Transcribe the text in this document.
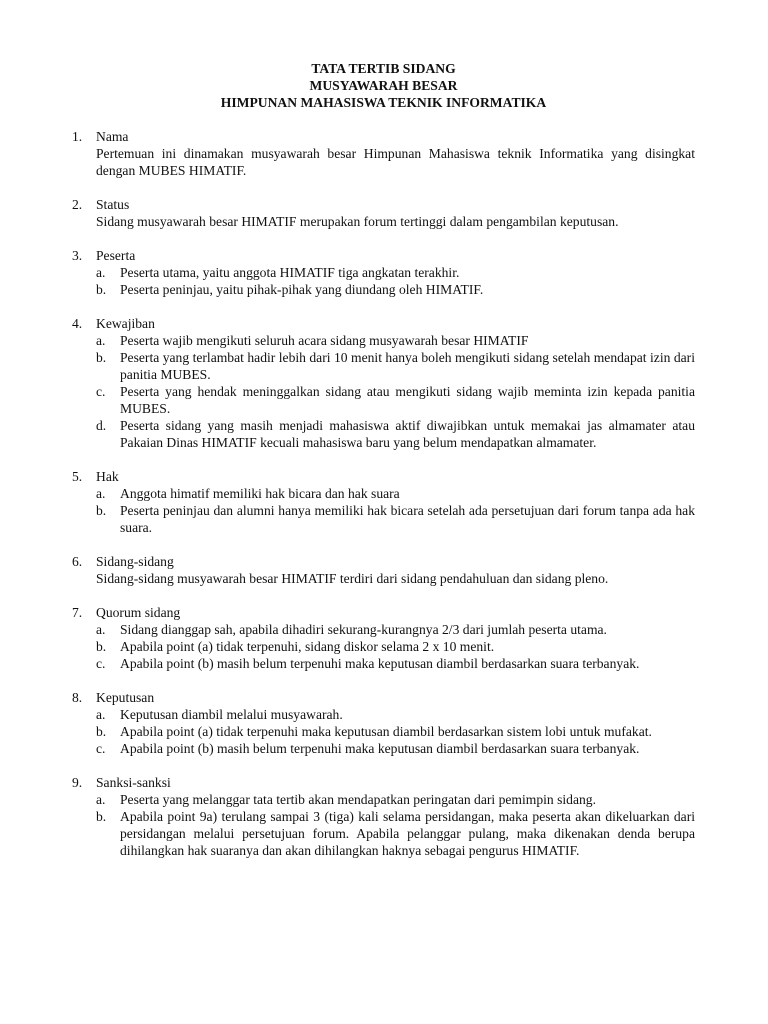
TATA TERTIB SIDANG
MUSYAWARAH BESAR
HIMPUNAN MAHASISWA TEKNIK INFORMATIKA
1. Nama
Pertemuan ini dinamakan musyawarah besar Himpunan Mahasiswa teknik Informatika yang disingkat dengan MUBES HIMATIF.
2. Status
Sidang musyawarah besar HIMATIF merupakan forum tertinggi dalam pengambilan keputusan.
3. Peserta
a. Peserta utama, yaitu anggota HIMATIF tiga angkatan terakhir.
b. Peserta peninjau, yaitu pihak-pihak yang diundang oleh HIMATIF.
4. Kewajiban
a. Peserta wajib mengikuti seluruh acara sidang musyawarah besar HIMATIF
b. Peserta yang terlambat hadir lebih dari 10 menit hanya boleh mengikuti sidang setelah mendapat izin dari panitia MUBES.
c. Peserta yang hendak meninggalkan sidang atau mengikuti sidang wajib meminta izin kepada panitia MUBES.
d. Peserta sidang yang masih menjadi mahasiswa aktif diwajibkan untuk memakai jas almamater atau Pakaian Dinas HIMATIF kecuali mahasiswa baru yang belum mendapatkan almamater.
5. Hak
a. Anggota himatif memiliki hak bicara dan hak suara
b. Peserta peninjau dan alumni hanya memiliki hak bicara setelah ada persetujuan dari forum tanpa ada hak suara.
6. Sidang-sidang
Sidang-sidang musyawarah besar HIMATIF terdiri dari sidang pendahuluan dan sidang pleno.
7. Quorum sidang
a. Sidang dianggap sah, apabila dihadiri sekurang-kurangnya 2/3 dari jumlah peserta utama.
b. Apabila point (a) tidak terpenuhi, sidang diskor selama 2 x 10 menit.
c. Apabila point (b) masih belum terpenuhi maka keputusan diambil berdasarkan suara terbanyak.
8. Keputusan
a. Keputusan diambil melalui musyawarah.
b. Apabila point (a) tidak terpenuhi maka keputusan diambil berdasarkan sistem lobi untuk mufakat.
c. Apabila point (b) masih belum terpenuhi maka keputusan diambil berdasarkan suara terbanyak.
9. Sanksi-sanksi
a. Peserta yang melanggar tata tertib akan mendapatkan peringatan dari pemimpin sidang.
b. Apabila point 9a) terulang sampai 3 (tiga) kali selama persidangan, maka peserta akan dikeluarkan dari persidangan melalui persetujuan forum. Apabila pelanggar pulang, maka dikenakan denda berupa dihilangkan hak suaranya dan akan dihilangkan haknya sebagai pengurus HIMATIF.
